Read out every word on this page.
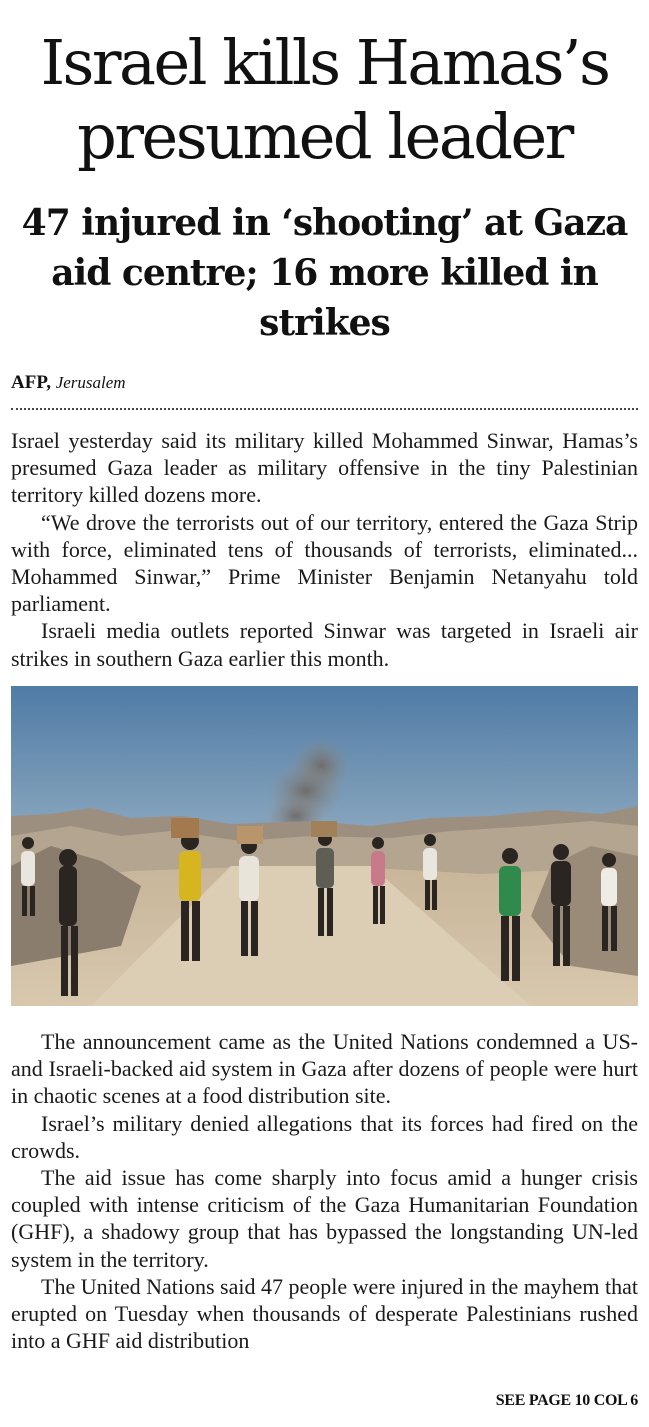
Israel kills Hamas’s presumed leader
47 injured in ‘shooting’ at Gaza aid centre; 16 more killed in strikes
AFP, Jerusalem

Israel yesterday said its military killed Mohammed Sinwar, Hamas’s presumed Gaza leader as military offensive in the tiny Palestinian territory killed dozens more.

“We drove the terrorists out of our territory, entered the Gaza Strip with force, eliminated tens of thousands of terrorists, eliminated... Mohammed Sinwar,” Prime Minister Benjamin Netanyahu told parliament.

Israeli media outlets reported Sinwar was targeted in Israeli air strikes in southern Gaza earlier this month.

The announcement came as the United Nations condemned a US- and Israeli-backed aid system in Gaza after dozens of people were hurt in chaotic scenes at a food distribution site.

Israel’s military denied allegations that its forces had fired on the crowds.

The aid issue has come sharply into focus amid a hunger crisis coupled with intense criticism of the Gaza Humanitarian Foundation (GHF), a shadowy group that has bypassed the longstanding UN-led system in the territory.

The United Nations said 47 people were injured in the mayhem that erupted on Tuesday when thousands of desperate Palestinians rushed into a GHF aid distribution

SEE PAGE 10 COL 6
